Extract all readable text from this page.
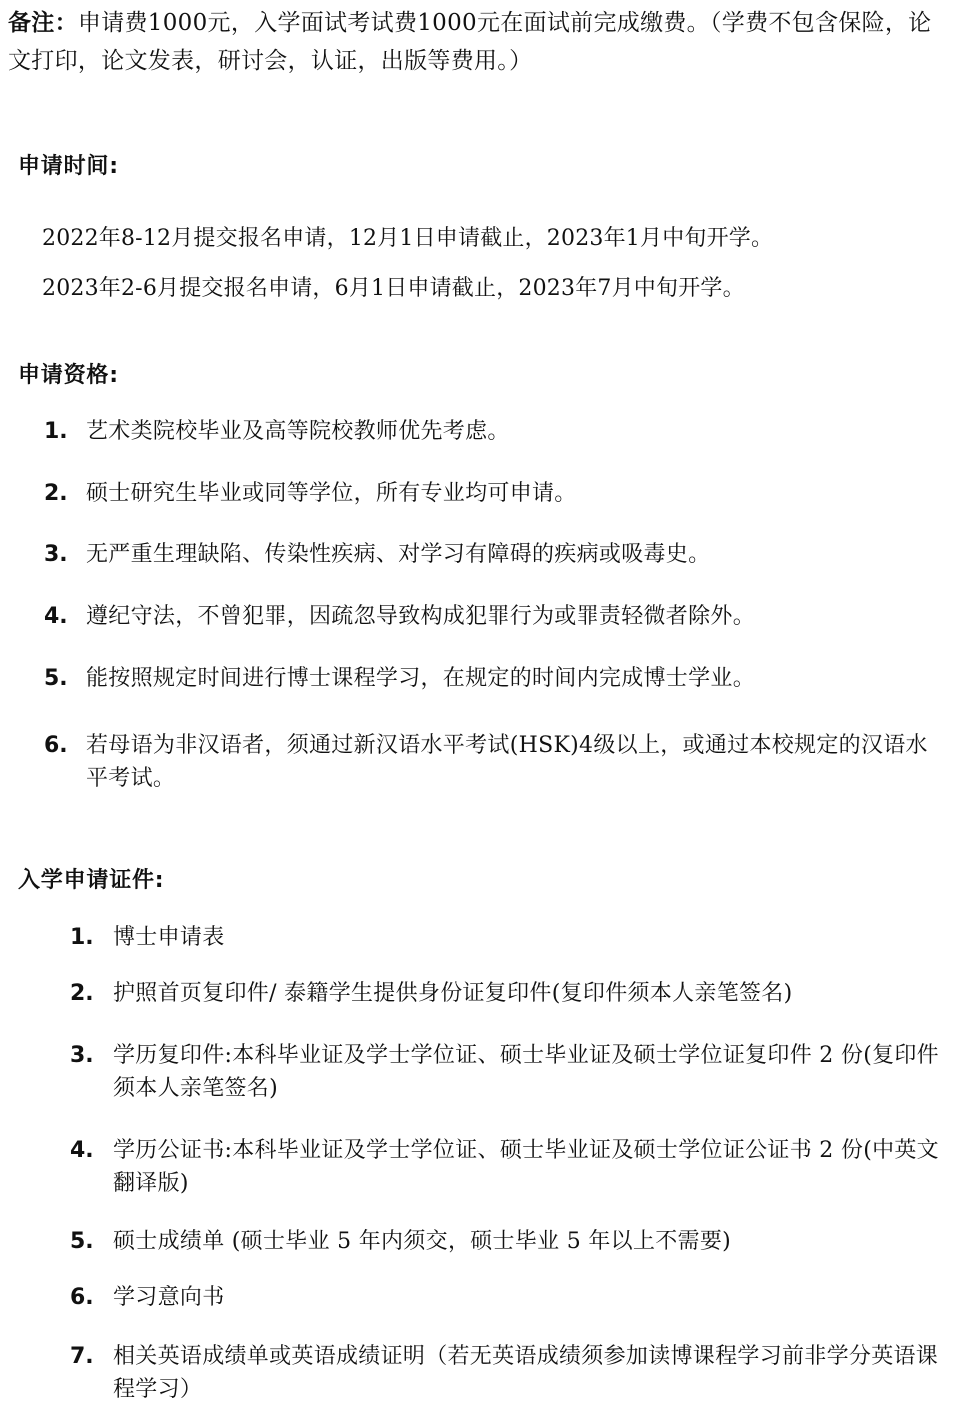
备注：申请费1000元，入学面试考试费1000元在面试前完成缴费。（学费不包含保险，论文打印，论文发表，研讨会，认证，出版等费用。）
申请时间:
2022年8-12月提交报名申请，12月1日申请截止，2023年1月中旬开学。
2023年2-6月提交报名申请，6月1日申请截止，2023年7月中旬开学。
申请资格:
1. 艺术类院校毕业及高等院校教师优先考虑。
2. 硕士研究生毕业或同等学位，所有专业均可申请。
3. 无严重生理缺陷、传染性疾病、对学习有障碍的疾病或吸毒史。
4. 遵纪守法，不曾犯罪，因疏忽导致构成犯罪行为或罪责轻微者除外。
5. 能按照规定时间进行博士课程学习，在规定的时间内完成博士学业。
6. 若母语为非汉语者，须通过新汉语水平考试(HSK)4级以上，或通过本校规定的汉语水平考试。
入学申请证件:
1. 博士申请表
2. 护照首页复印件/ 泰籍学生提供身份证复印件(复印件须本人亲笔签名)
3. 学历复印件:本科毕业证及学士学位证、硕士毕业证及硕士学位证复印件 2 份(复印件须本人亲笔签名)
4. 学历公证书:本科毕业证及学士学位证、硕士毕业证及硕士学位证公证书 2 份(中英文翻译版)
5. 硕士成绩单 (硕士毕业 5 年内须交，硕士毕业 5 年以上不需要)
6. 学习意向书
7. 相关英语成绩单或英语成绩证明（若无英语成绩须参加读博课程学习前非学分英语课程学习）
